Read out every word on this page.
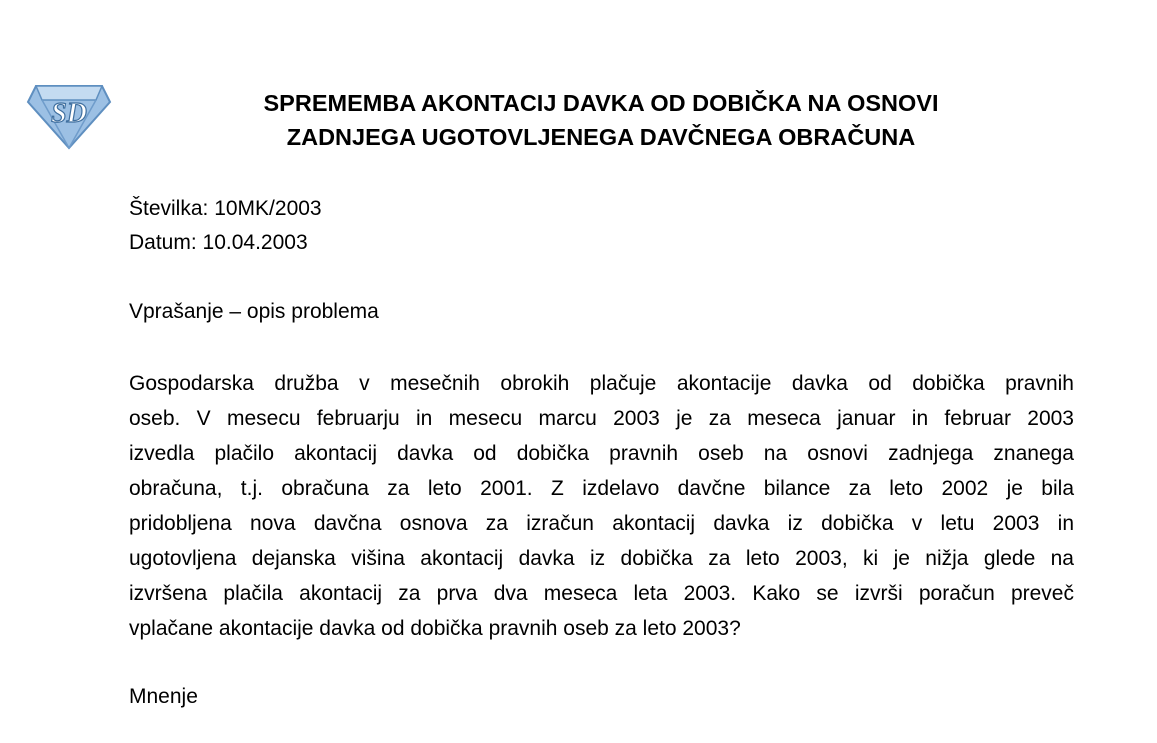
SD	SPREMEMBA AKONTACIJ DAVKA OD DOBIČKA NA OSNOVI
ZADNJEGA UGOTOVLJENEGA DAVČNEGA OBRAČUNA
Številka: 10MK/2003
Datum: 10.04.2003
Vprašanje – opis problema
Gospodarska družba v mesečnih obrokih plačuje akontacije davka od dobička pravnih
oseb. V mesecu februarju in mesecu marcu 2003 je za meseca januar in februar 2003
izvedla plačilo akontacij davka od dobička pravnih oseb na osnovi zadnjega znanega
obračuna, t.j. obračuna za leto 2001. Z izdelavo davčne bilance za leto 2002 je bila
pridobljena nova davčna osnova za izračun akontacij davka iz dobička v letu 2003 in
ugotovljena dejanska višina akontacij davka iz dobička za leto 2003, ki je nižja glede na
izvršena plačila akontacij za prva dva meseca leta 2003. Kako se izvrši poračun preveč
vplačane akontacije davka od dobička pravnih oseb za leto 2003?
Mnenje
